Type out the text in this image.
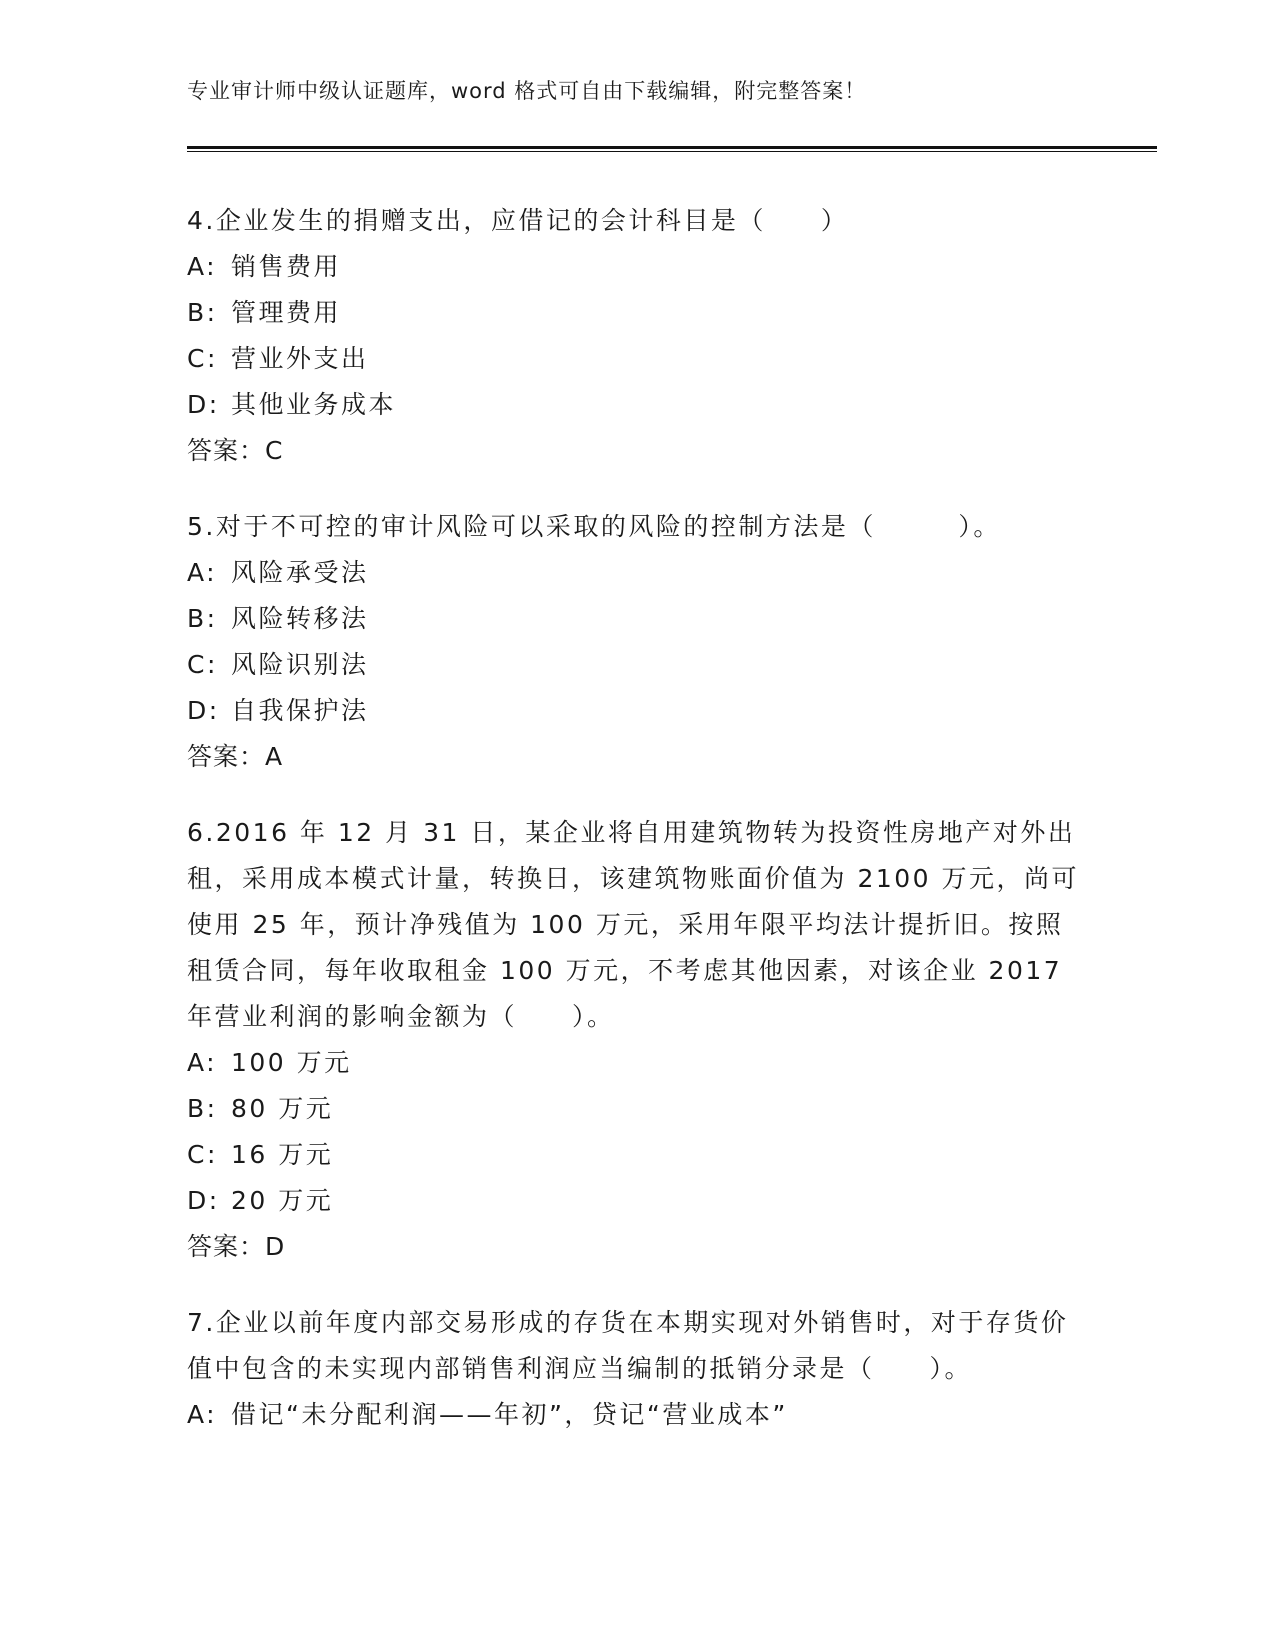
专业审计师中级认证题库，word 格式可自由下载编辑，附完整答案！
4.企业发生的捐赠支出，应借记的会计科目是（　　）
A: 销售费用
B: 管理费用
C: 营业外支出
D: 其他业务成本
答案：C
5.对于不可控的审计风险可以采取的风险的控制方法是（　　　）。
A: 风险承受法
B: 风险转移法
C: 风险识别法
D: 自我保护法
答案：A
6.2016 年 12 月 31 日，某企业将自用建筑物转为投资性房地产对外出租，采用成本模式计量，转换日，该建筑物账面价值为 2100 万元，尚可使用 25 年，预计净残值为 100 万元，采用年限平均法计提折旧。按照租赁合同，每年收取租金 100 万元，不考虑其他因素，对该企业 2017 年营业利润的影响金额为（　　）。
A: 100 万元
B: 80 万元
C: 16 万元
D: 20 万元
答案：D
7.企业以前年度内部交易形成的存货在本期实现对外销售时，对于存货价值中包含的未实现内部销售利润应当编制的抵销分录是（　　）。
A: 借记“未分配利润——年初”，贷记“营业成本”
